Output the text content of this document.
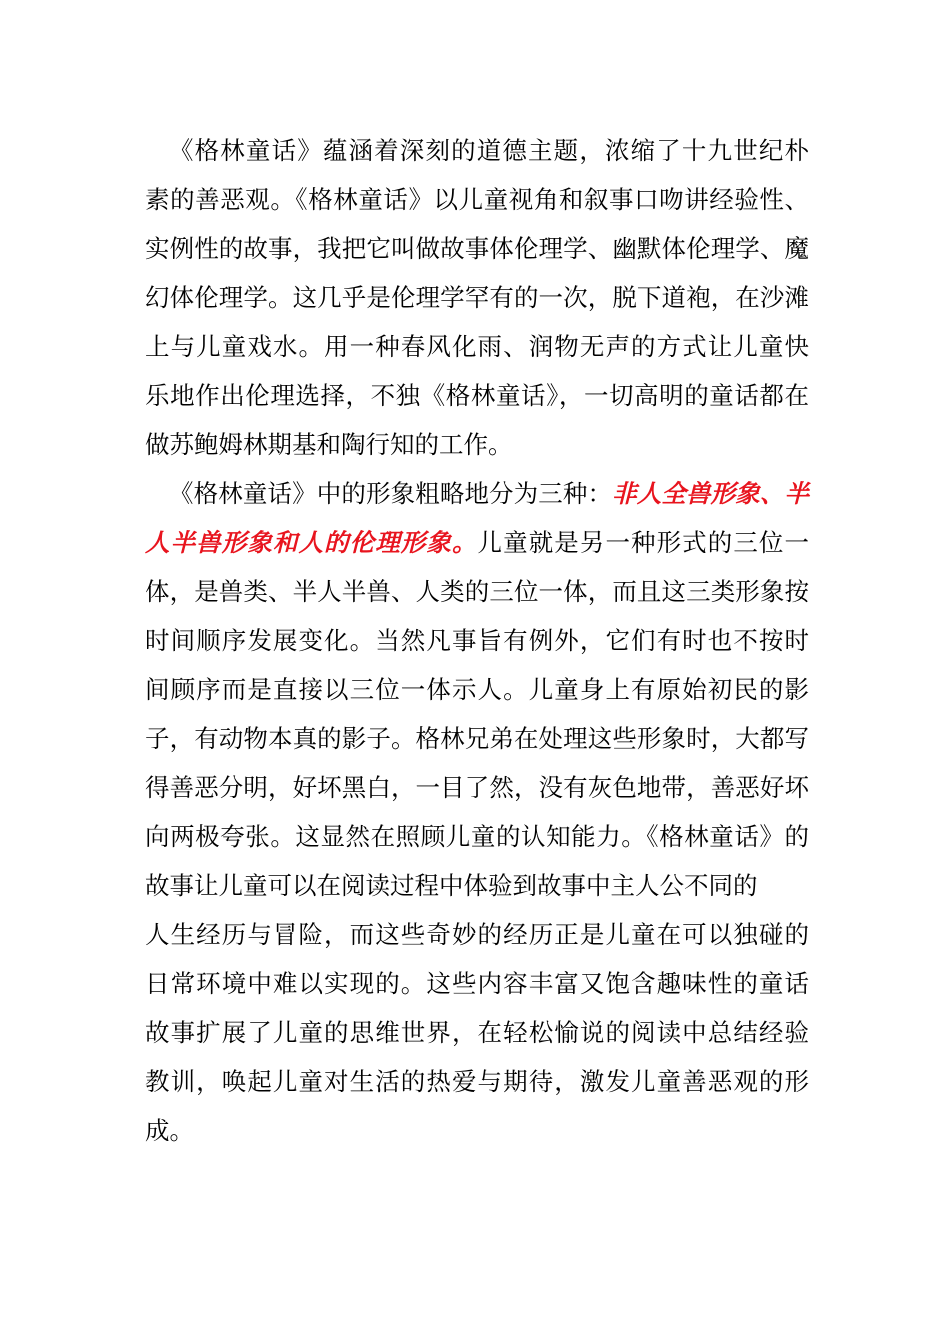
《格林童话》蕴涵着深刻的道德主题，浓缩了十九世纪朴
素的善恶观。《格林童话》以儿童视角和叙事口吻讲经验性、
实例性的故事，我把它叫做故事体伦理学、幽默体伦理学、魔
幻体伦理学。这几乎是伦理学罕有的一次，脱下道袍，在沙滩
上与儿童戏水。用一种春风化雨、润物无声的方式让儿童快
乐地作出伦理选择，不独《格林童话》，一切高明的童话都在
做苏鲍姆林期基和陶行知的工作。
《格林童话》中的形象粗略地分为三种：非人全兽形象、半
人半兽形象和人的伦理形象。儿童就是另一种形式的三位一
体，是兽类、半人半兽、人类的三位一体，而且这三类形象按
时间顺序发展变化。当然凡事旨有例外，它们有时也不按时
间顾序而是直接以三位一体示人。儿童身上有原始初民的影
子，有动物本真的影子。格林兄弟在处理这些形象时，大都写
得善恶分明，好坏黑白，一目了然，没有灰色地带，善恶好坏
向两极夸张。这显然在照顾儿童的认知能力。《格林童话》的
故事让儿童可以在阅读过程中体验到故事中主人公不同的
人生经历与冒险，而这些奇妙的经历正是儿童在可以独碰的
日常环境中难以实现的。这些内容丰富又饱含趣味性的童话
故事扩展了儿童的思维世界，在轻松愉说的阅读中总结经验
教训，唤起儿童对生活的热爱与期待，激发儿童善恶观的形
成。
